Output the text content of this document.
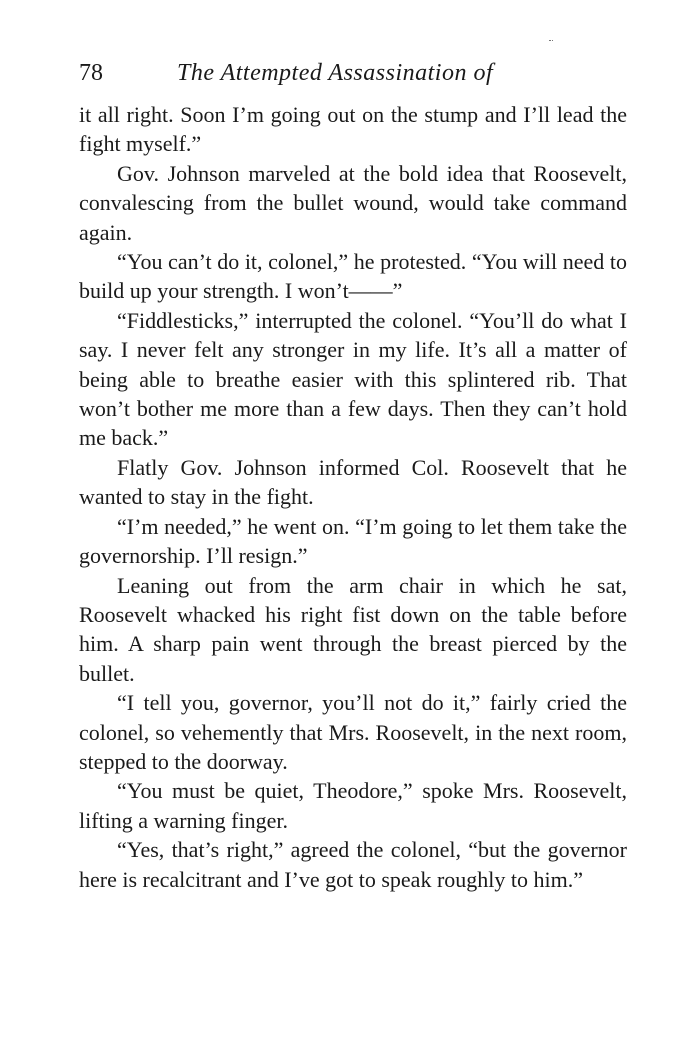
78	The Attempted Assassination of

it all right. Soon I’m going out on the stump and I’ll lead the fight myself.”

Gov. Johnson marveled at the bold idea that Roosevelt, convalescing from the bullet wound, would take command again.

“You can’t do it, colonel,” he protested. “You will need to build up your strength. I won’t——”

“Fiddlesticks,” interrupted the colonel. “You’ll do what I say. I never felt any stronger in my life. It’s all a matter of being able to breathe easier with this splintered rib. That won’t bother me more than a few days. Then they can’t hold me back.”

Flatly Gov. Johnson informed Col. Roosevelt that he wanted to stay in the fight.

“I’m needed,” he went on. “I’m going to let them take the governorship. I’ll resign.”

Leaning out from the arm chair in which he sat, Roosevelt whacked his right fist down on the table before him. A sharp pain went through the breast pierced by the bullet.

“I tell you, governor, you’ll not do it,” fairly cried the colonel, so vehemently that Mrs. Roosevelt, in the next room, stepped to the doorway.

“You must be quiet, Theodore,” spoke Mrs. Roosevelt, lifting a warning finger.

“Yes, that’s right,” agreed the colonel, “but the governor here is recalcitrant and I’ve got to speak roughly to him.”
